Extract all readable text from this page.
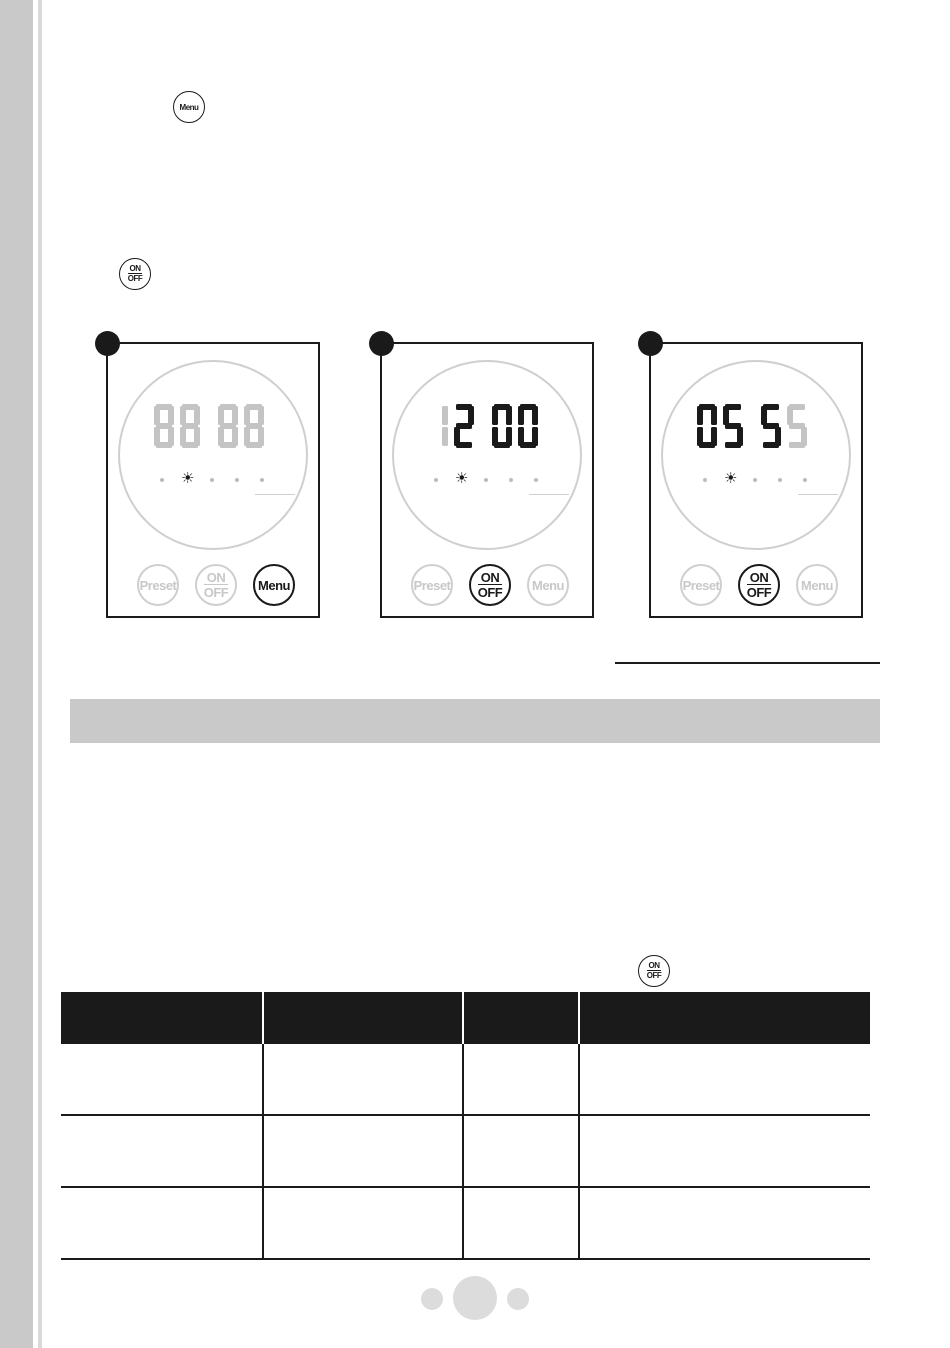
Menu
ON
OFF
☀
Preset ON
OFF Menu
☀
Preset ON
OFF Menu
☀
Preset ON
OFF Menu
ON
OFF
